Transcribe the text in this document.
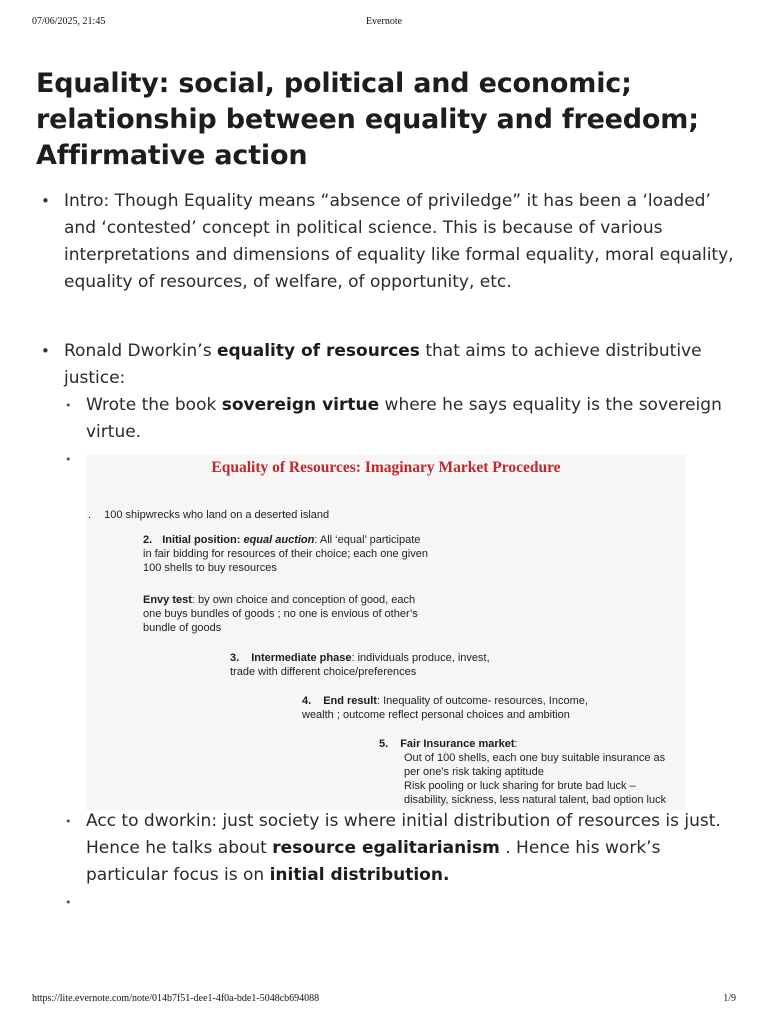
07/06/2025, 21:45	Evernote
Equality: social, political and economic; relationship between equality and freedom; Affirmative action
• Intro: Though Equality means “absence of priviledge” it has been a ‘loaded’ and ‘contested’ concept in political science. This is because of various interpretations and dimensions of equality like formal equality, moral equality, equality of resources, of welfare, of opportunity, etc.
• Ronald Dworkin’s equality of resources that aims to achieve distributive justice:
• Wrote the book sovereign virtue where he says equality is the sovereign virtue.
•
• Acc to dworkin: just society is where initial distribution of resources is just. Hence he talks about resource egalitarianism . Hence his work’s particular focus is on initial distribution.
•
Equality of Resources: Imaginary Market Procedure
. 100 shipwrecks who land on a deserted island
2. Initial position: equal auction: All ‘equal’ participate
in fair bidding for resources of their choice; each one given
100 shells to buy resources
Envy test: by own choice and conception of good, each
one buys bundles of goods ; no one is envious of other’s
bundle of goods
3. Intermediate phase: individuals produce, invest,
trade with different choice/preferences
4. End result: Inequality of outcome- resources, Income,
wealth ; outcome reflect personal choices and ambition
5. Fair Insurance market:
Out of 100 shells, each one buy suitable insurance as
per one’s risk taking aptitude
Risk pooling or luck sharing for brute bad luck –
disability, sickness, less natural talent, bad option luck
https://lite.evernote.com/note/014b7f51-dee1-4f0a-bde1-5048cb694088	1/9
